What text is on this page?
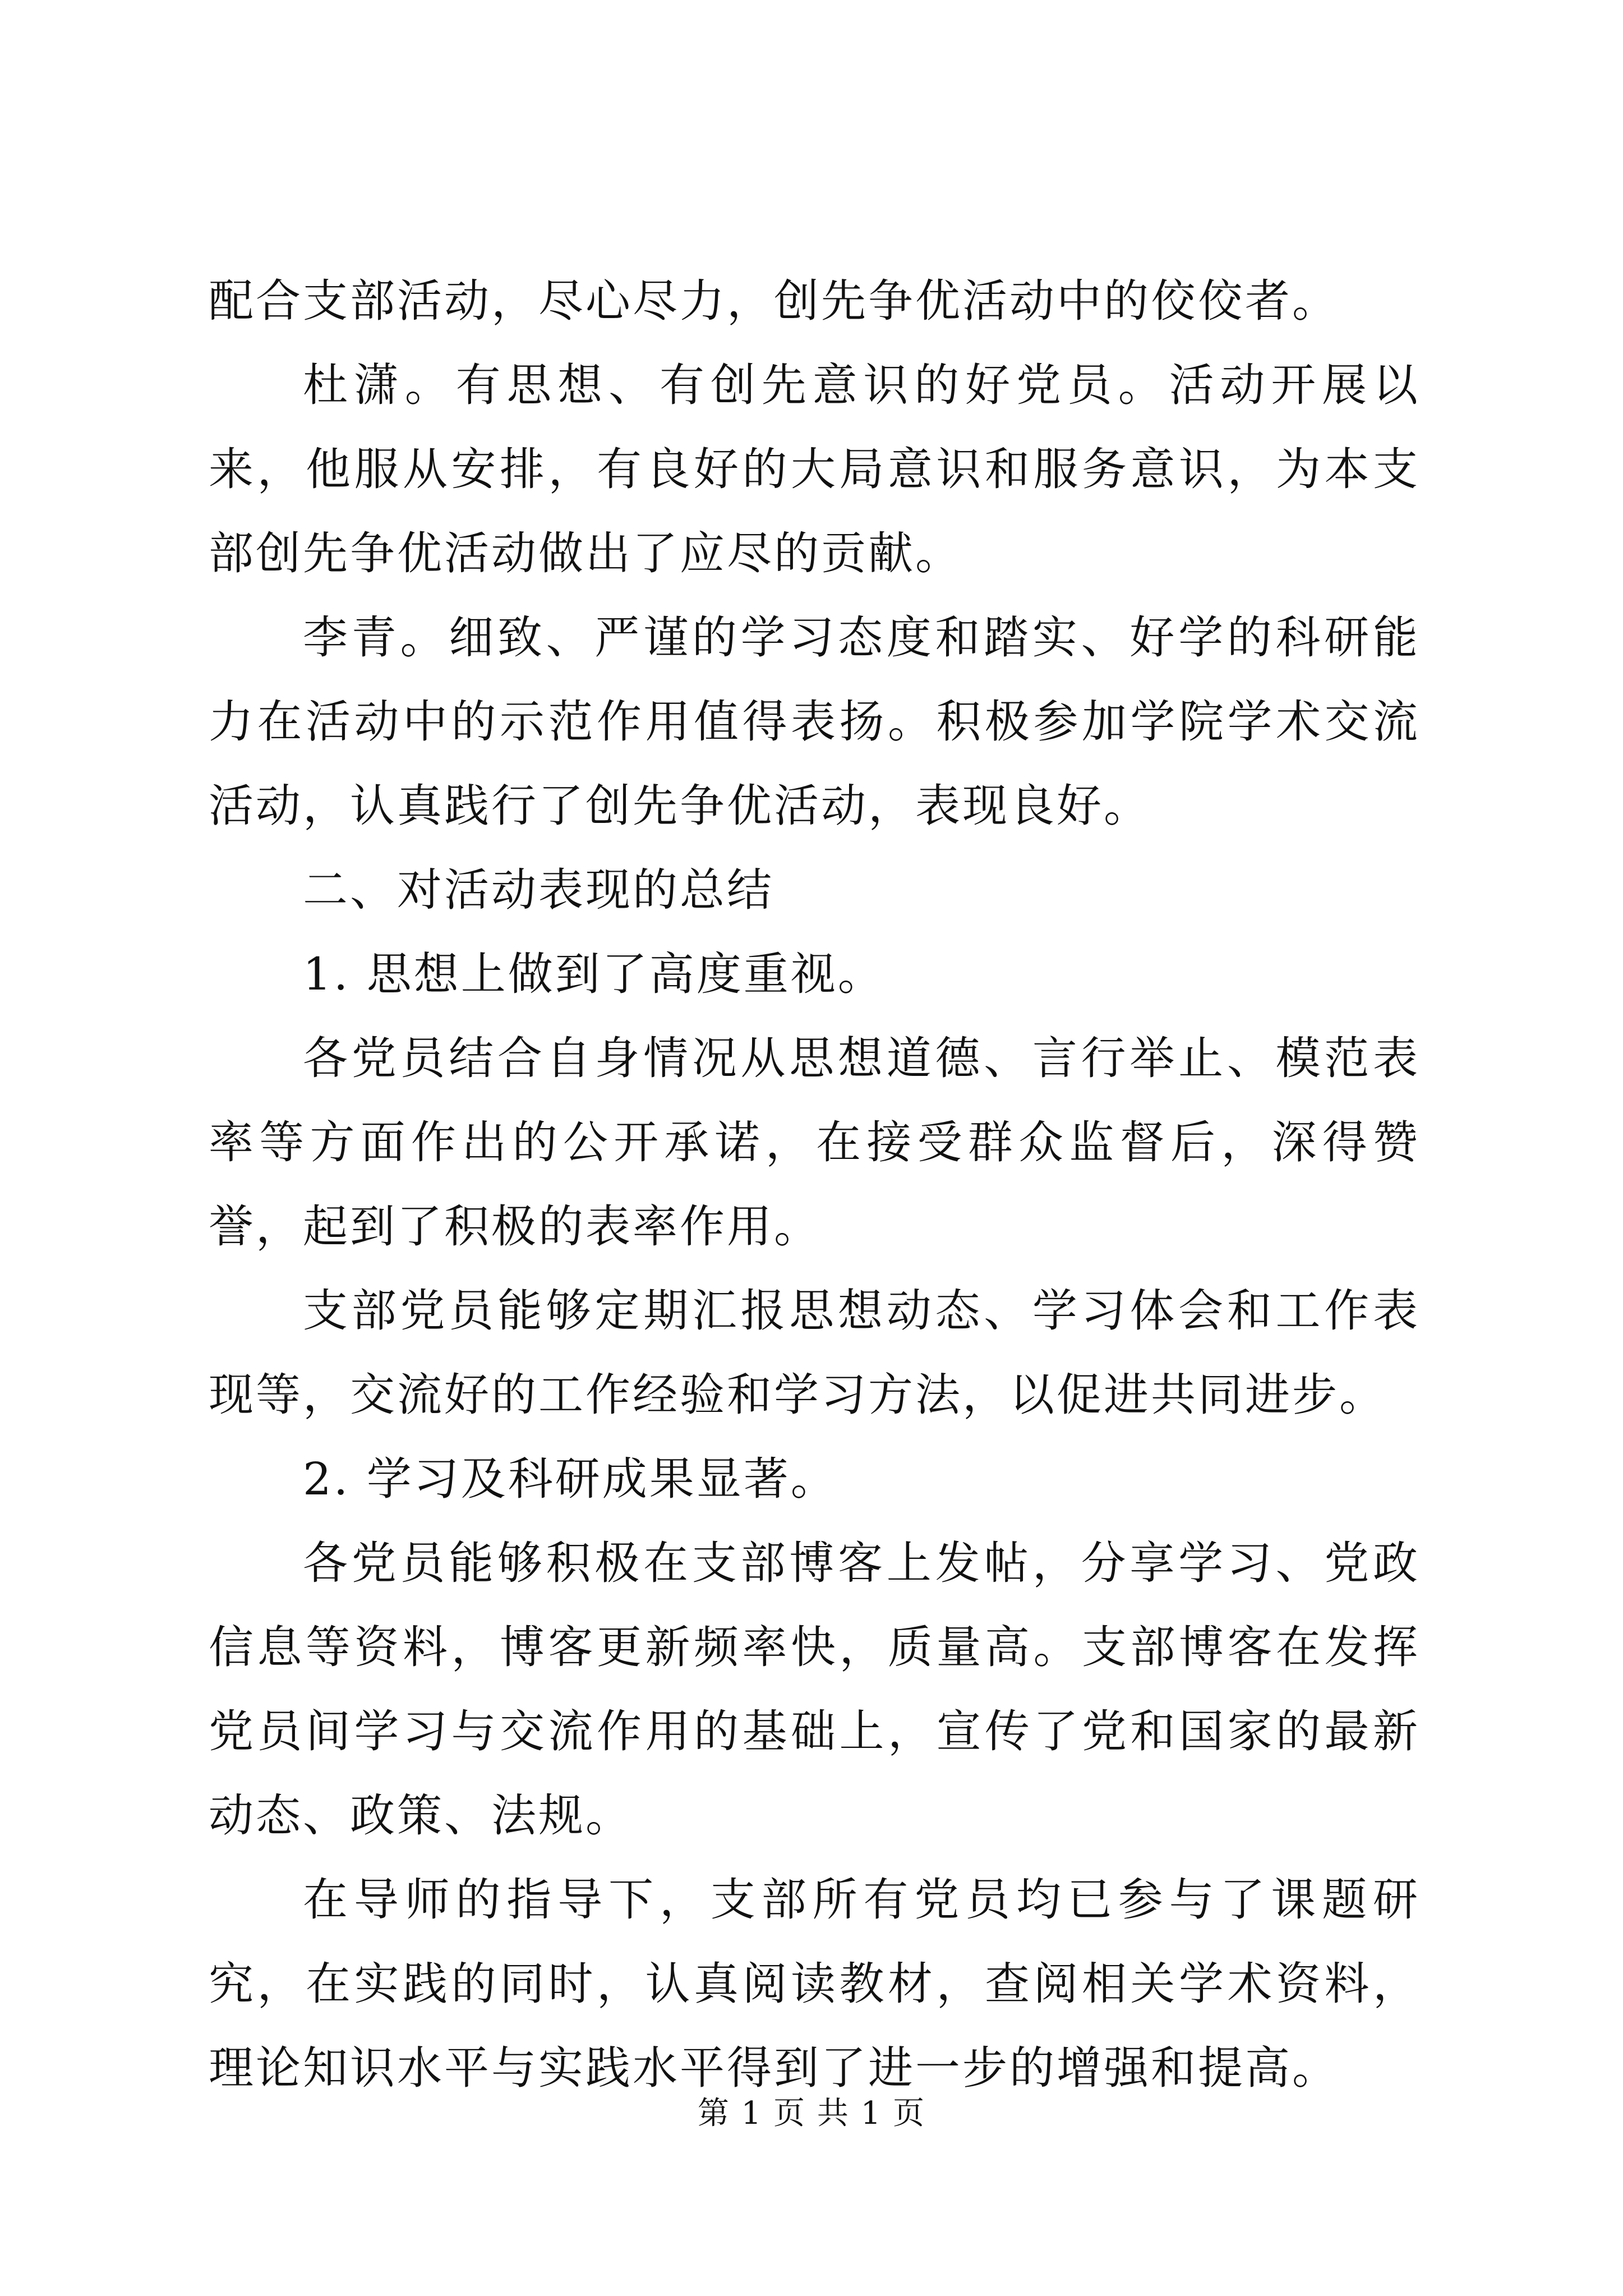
配合支部活动，尽心尽力，创先争优活动中的佼佼者。

杜潇。有思想、有创先意识的好党员。活动开展以来，他服从安排，有良好的大局意识和服务意识，为本支部创先争优活动做出了应尽的贡献。

李青。细致、严谨的学习态度和踏实、好学的科研能力在活动中的示范作用值得表扬。积极参加学院学术交流活动，认真践行了创先争优活动，表现良好。

二、对活动表现的总结

1. 思想上做到了高度重视。

各党员结合自身情况从思想道德、言行举止、模范表率等方面作出的公开承诺，在接受群众监督后，深得赞誉，起到了积极的表率作用。

支部党员能够定期汇报思想动态、学习体会和工作表现等，交流好的工作经验和学习方法，以促进共同进步。

2. 学习及科研成果显著。

各党员能够积极在支部博客上发帖，分享学习、党政信息等资料，博客更新频率快，质量高。支部博客在发挥党员间学习与交流作用的基础上，宣传了党和国家的最新动态、政策、法规。

在导师的指导下，支部所有党员均已参与了课题研究，在实践的同时，认真阅读教材，查阅相关学术资料，理论知识水平与实践水平得到了进一步的增强和提高。

第 1 页 共 1 页
